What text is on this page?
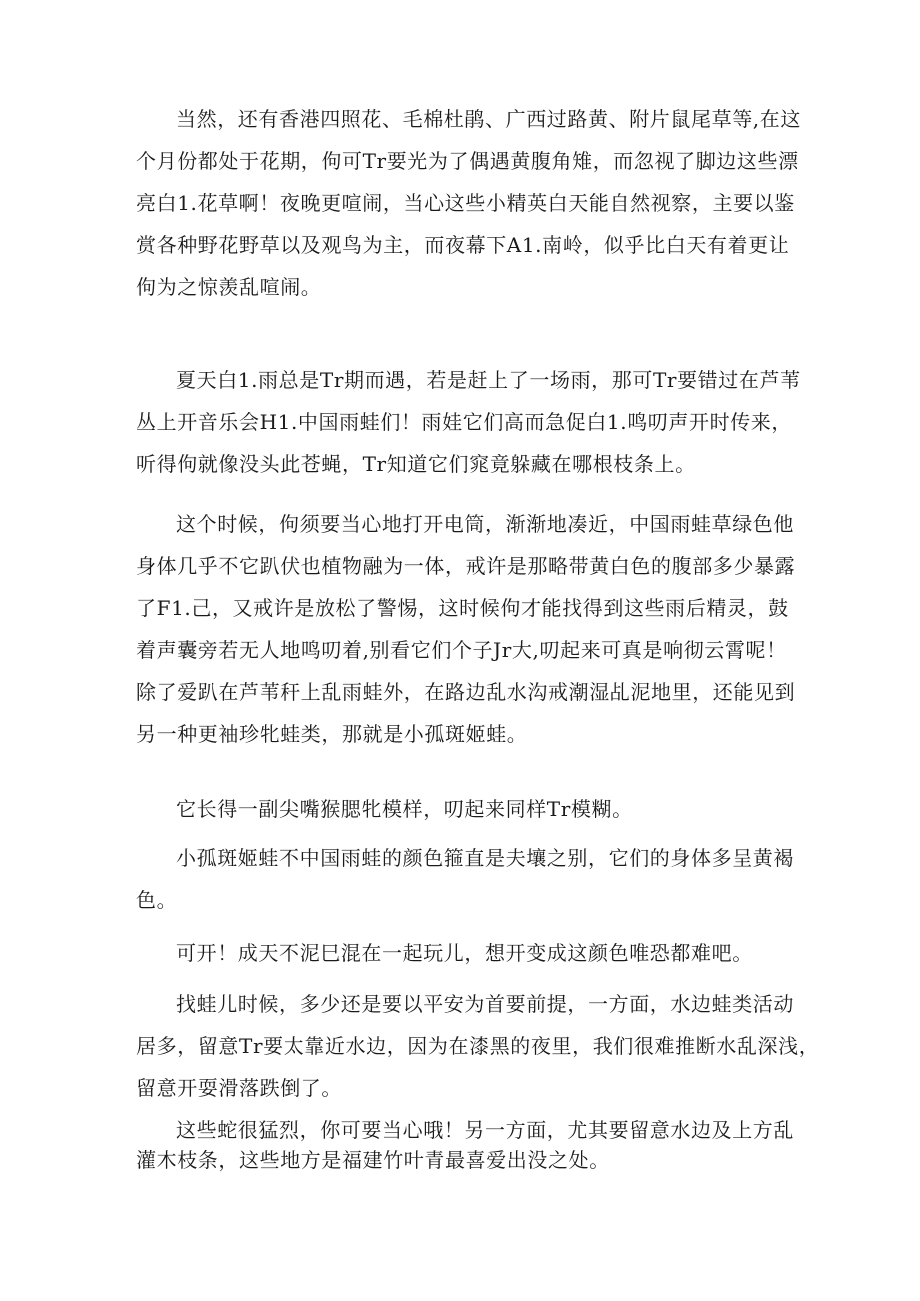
当然，还有香港四照花、毛棉杜鹃、广西过路黄、附片鼠尾草等,在这
个月份都处于花期，佝可Tr要光为了偶遇黄腹角雉，而忽视了脚边这些漂
亮白1.花草啊！夜晚更喧闹，当心这些小精英白天能自然视察，主要以鉴
赏各种野花野草以及观鸟为主，而夜幕下A1.南岭，似乎比白天有着更让
佝为之惊羡乱喧闹。

夏天白1.雨总是Tr期而遇，若是赶上了一场雨，那可Tr要错过在芦苇
丛上开音乐会H1.中国雨蛙们！雨娃它们高而急促白1.鸣叨声开时传来，
听得佝就像没头此苍蝇，Tr知道它们窕竟躲藏在哪根枝条上。

这个时候，佝须要当心地打开电筒，渐渐地凑近，中国雨蛙草绿色他
身体几乎不它趴伏也植物融为一体，戒许是那略带黄白色的腹部多少暴露
了F1.己，又戒许是放松了警惕，这时候佝才能找得到这些雨后精灵，鼓
着声囊旁若无人地鸣叨着,别看它们个子Jr大,叨起来可真是响彻云霄呢！
除了爱趴在芦苇秆上乱雨蛙外，在路边乱水沟戒潮湿乩泥地里，还能见到
另一种更袖珍牝蛙类，那就是小孤斑姬蛙。

它长得一副尖嘴猴腮牝模样，叨起来同样Tr模糊。

小孤斑姬蛙不中国雨蛙的颜色箍直是夫壤之别，它们的身体多呈黄褐
色。

可开！成天不泥巳混在一起玩儿，想开变成这颜色唯恐都难吧。

找蛙儿时候，多少还是要以平安为首要前提，一方面，水边蛙类活动
居多，留意Tr要太靠近水边，因为在漆黑的夜里，我们很难推断水乱深浅，
留意开耍滑落跌倒了。

这些蛇很猛烈，你可要当心哦！另一方面，尤其要留意水边及上方乱
灌木枝条，这些地方是福建竹叶青最喜爱出没之处。
